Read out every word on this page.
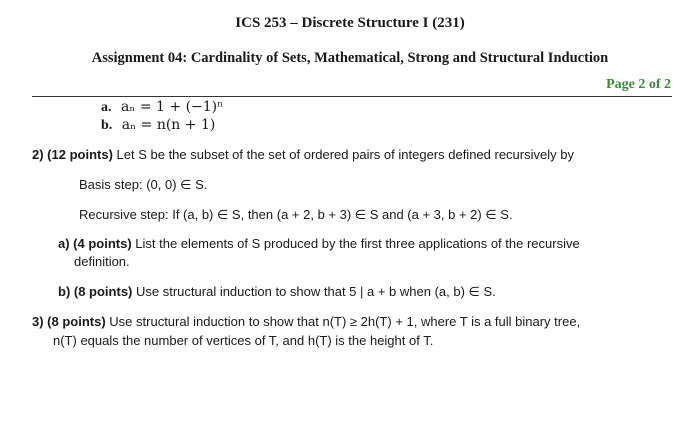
ICS 253 – Discrete Structure I (231)
Assignment 04: Cardinality of Sets, Mathematical, Strong and Structural Induction
Page 2 of 2
a. aₙ = 1 + (−1)ⁿ
b. aₙ = n(n + 1)
2) (12 points) Let S be the subset of the set of ordered pairs of integers defined recursively by
Basis step: (0, 0) ∈ S.
Recursive step: If (a, b) ∈ S, then (a + 2, b + 3) ∈ S and (a + 3, b + 2) ∈ S.
a) (4 points) List the elements of S produced by the first three applications of the recursive
definition.
b) (8 points) Use structural induction to show that 5 | a + b when (a, b) ∈ S.
3) (8 points) Use structural induction to show that n(T) ≥ 2h(T) + 1, where T is a full binary tree,
n(T) equals the number of vertices of T, and h(T) is the height of T.
